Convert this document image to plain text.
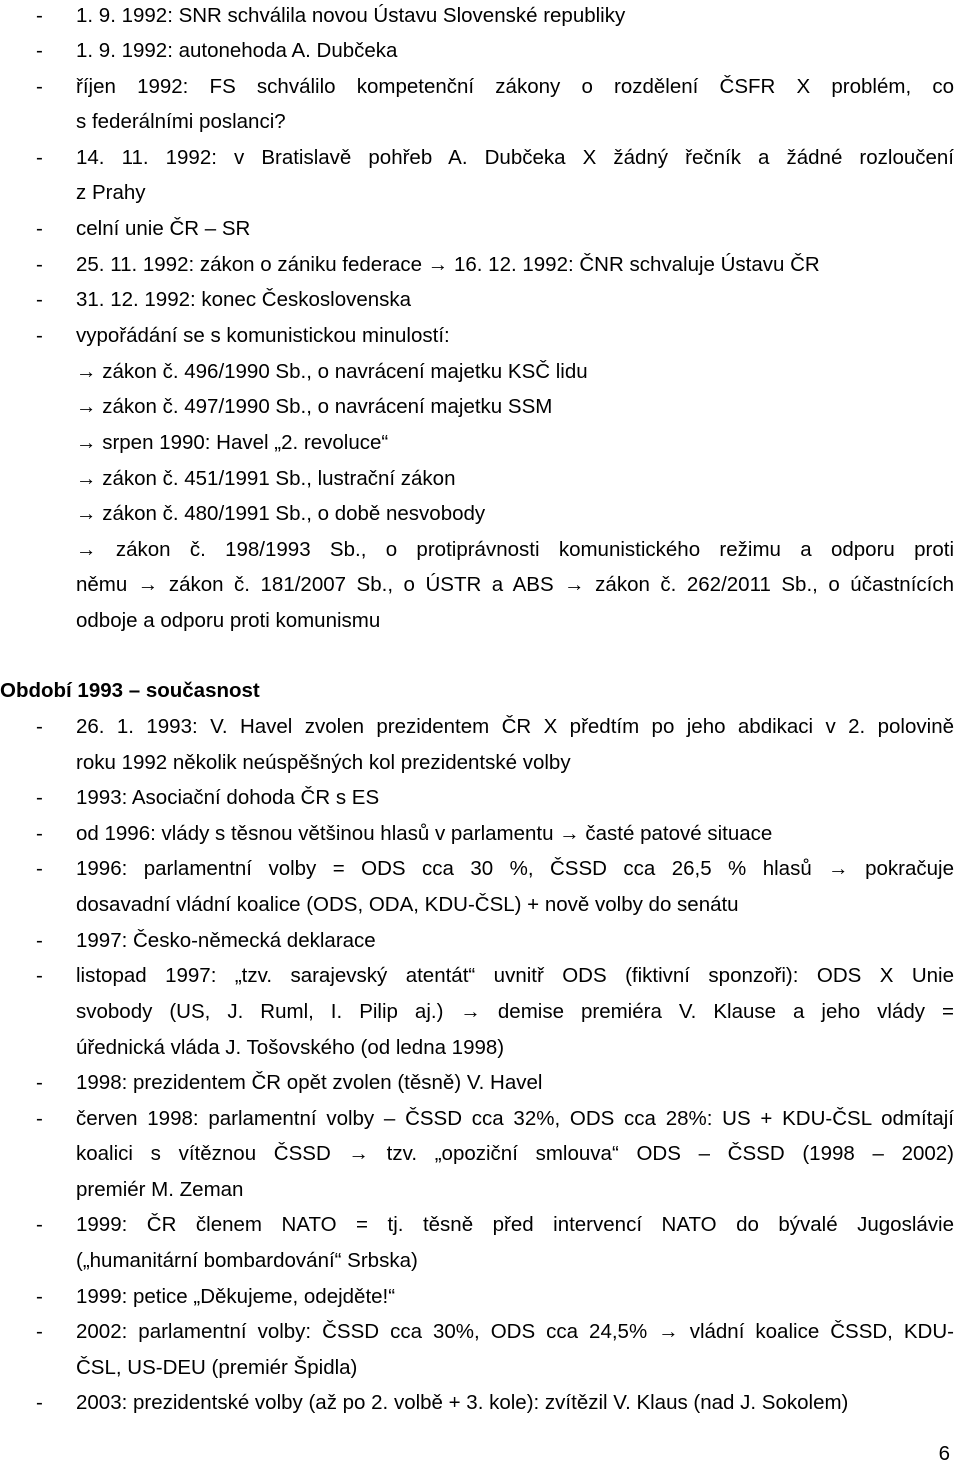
- 1. 9. 1992: SNR schválila novou Ústavu Slovenské republiky
- 1. 9. 1992: autonehoda A. Dubčeka
- říjen 1992: FS schválilo kompetenční zákony o rozdělení ČSFR X problém, co
s federálními poslanci?
- 14. 11. 1992: v Bratislavě pohřeb A. Dubčeka X žádný řečník a žádné rozloučení
z Prahy
- celní unie ČR – SR
- 25. 11. 1992: zákon o zániku federace → 16. 12. 1992: ČNR schvaluje Ústavu ČR
- 31. 12. 1992: konec Československa
- vypořádání se s komunistickou minulostí:
→ zákon č. 496/1990 Sb., o navrácení majetku KSČ lidu
→ zákon č. 497/1990 Sb., o navrácení majetku SSM
→ srpen 1990: Havel „2. revoluce“
→ zákon č. 451/1991 Sb., lustrační zákon
→ zákon č. 480/1991 Sb., o době nesvobody
→ zákon č. 198/1993 Sb., o protiprávnosti komunistického režimu a odporu proti
němu → zákon č. 181/2007 Sb., o ÚSTR a ABS → zákon č. 262/2011 Sb., o účastnících
odboje a odporu proti komunismu
Období 1993 – současnost
- 26. 1. 1993: V. Havel zvolen prezidentem ČR X předtím po jeho abdikaci v 2. polovině
roku 1992 několik neúspěšných kol prezidentské volby
- 1993: Asociační dohoda ČR s ES
- od 1996: vlády s těsnou většinou hlasů v parlamentu → časté patové situace
- 1996: parlamentní volby = ODS cca 30 %, ČSSD cca 26,5 % hlasů → pokračuje
dosavadní vládní koalice (ODS, ODA, KDU-ČSL) + nově volby do senátu
- 1997: Česko-německá deklarace
- listopad 1997: „tzv. sarajevský atentát“ uvnitř ODS (fiktivní sponzoři): ODS X Unie
svobody (US, J. Ruml, I. Pilip aj.) → demise premiéra V. Klause a jeho vlády =
úřednická vláda J. Tošovského (od ledna 1998)
- 1998: prezidentem ČR opět zvolen (těsně) V. Havel
- červen 1998: parlamentní volby – ČSSD cca 32%, ODS cca 28%: US + KDU-ČSL odmítají
koalici s vítěznou ČSSD → tzv. „opoziční smlouva“ ODS – ČSSD (1998 – 2002)
premiér M. Zeman
- 1999: ČR členem NATO = tj. těsně před intervencí NATO do bývalé Jugoslávie
(„humanitární bombardování“ Srbska)
- 1999: petice „Děkujeme, odejděte!“
- 2002: parlamentní volby: ČSSD cca 30%, ODS cca 24,5% → vládní koalice ČSSD, KDU-
ČSL, US-DEU (premiér Špidla)
- 2003: prezidentské volby (až po 2. volbě + 3. kole): zvítězil V. Klaus (nad J. Sokolem)
6
